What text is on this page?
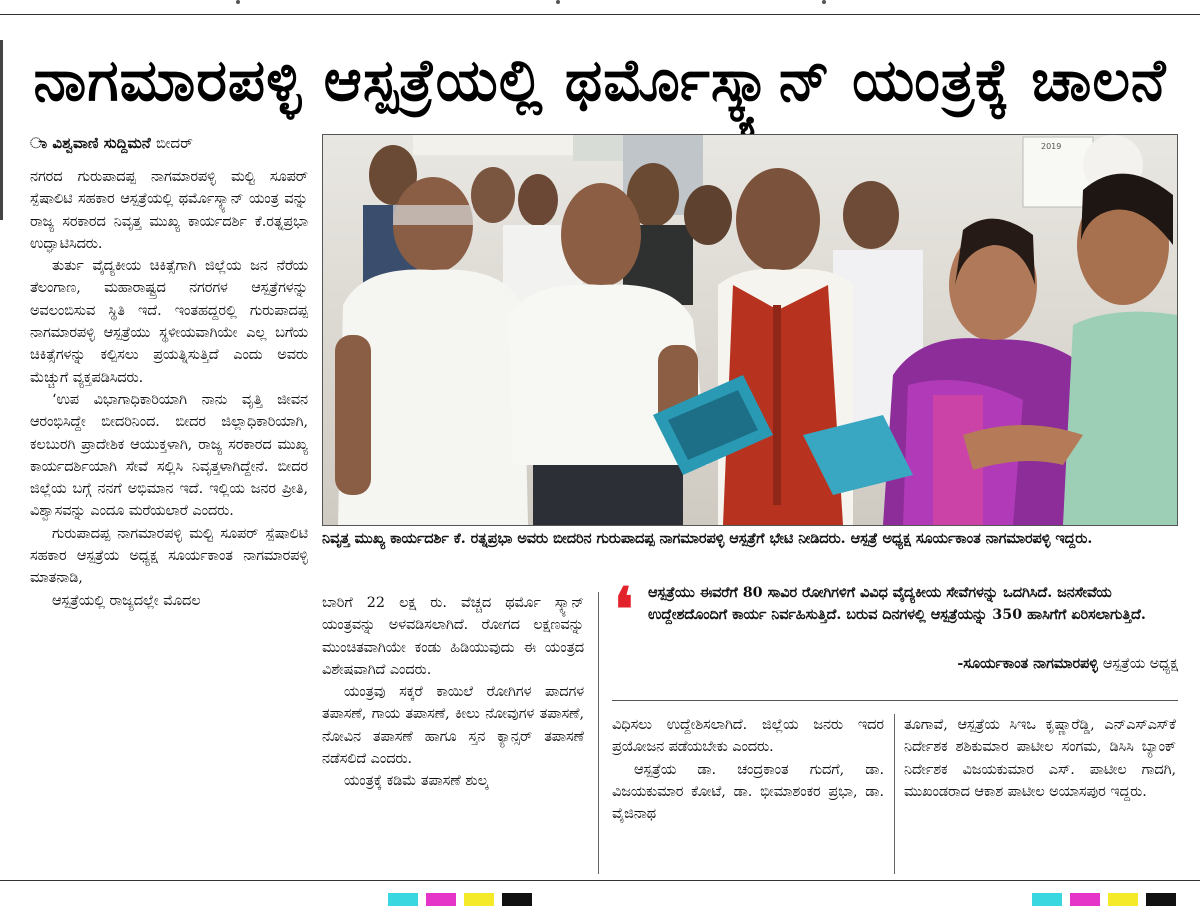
ನಾಗಮಾರಪಳ್ಳಿ ಆಸ್ಪತ್ರೆಯಲ್ಲಿ ಥರ್ಮೊಸ್ಕ್ಯಾನ್ ಯಂತ್ರಕ್ಕೆ ಚಾಲನೆ
ಾ ವಿಶ್ವವಾಣಿ ಸುದ್ದಿಮನೆ ಬೀದರ್

ನಗರದ ಗುರುಪಾದಪ್ಪ ನಾಗಮಾರಪಳ್ಳಿ ಮಲ್ಟಿ ಸೂಪರ್ ಸ್ಪೆಷಾಲಿಟಿ ಸಹಕಾರ ಆಸ್ಪತ್ರೆಯಲ್ಲಿ ಥರ್ಮೊಸ್ಕ್ಯಾನ್ ಯಂತ್ರ ವನ್ನು ರಾಜ್ಯ ಸರಕಾರದ ನಿವೃತ್ತ ಮುಖ್ಯ ಕಾರ್ಯದರ್ಶಿ ಕೆ.ರತ್ನಪ್ರಭಾ ಉದ್ಘಾಟಿಸಿದರು.

ತುರ್ತು ವೈದ್ಯಕೀಯ ಚಿಕಿತ್ಸೆಗಾಗಿ ಜಿಲ್ಲೆಯ ಜನ ನೆರೆಯ ತೆಲಂಗಾಣ, ಮಹಾರಾಷ್ಟ್ರದ ನಗರಗಳ ಆಸ್ಪತ್ರೆಗಳನ್ನು ಅವಲಂಬಿಸುವ ಸ್ಥಿತಿ ಇದೆ. ಇಂತಹದ್ದರಲ್ಲಿ ಗುರುಪಾದಪ್ಪ ನಾಗಮಾರಪಳ್ಳಿ ಆಸ್ಪತ್ರೆಯು ಸ್ಥಳೀಯವಾಗಿಯೇ ಎಲ್ಲ ಬಗೆಯ ಚಿಕಿತ್ಸೆಗಳನ್ನು ಕಲ್ಪಿಸಲು ಪ್ರಯತ್ನಿಸುತ್ತಿದೆ ಎಂದು ಅವರು ಮೆಚ್ಚುಗೆ ವ್ಯಕ್ತಪಡಿಸಿದರು.

‘ಉಪ ವಿಭಾಗಾಧಿಕಾರಿಯಾಗಿ ನಾನು ವೃತ್ತಿ ಜೀವನ ಆರಂಭಿಸಿದ್ದೇ ಬೀದರಿನಿಂದ. ಬೀದರ ಜಿಲ್ಲಾಧಿಕಾರಿಯಾಗಿ, ಕಲಬುರಗಿ ಪ್ರಾದೇಶಿಕ ಆಯುಕ್ತಳಾಗಿ, ರಾಜ್ಯ ಸರಕಾರದ ಮುಖ್ಯ ಕಾರ್ಯದರ್ಶಿಯಾಗಿ ಸೇವೆ ಸಲ್ಲಿಸಿ ನಿವೃತ್ತಳಾಗಿದ್ದೇನೆ. ಬೀದರ ಜಿಲ್ಲೆಯ ಬಗ್ಗೆ ನನಗೆ ಅಭಿಮಾನ ಇದೆ. ಇಲ್ಲಿಯ ಜನರ ಪ್ರೀತಿ, ವಿಶ್ವಾಸವನ್ನು ಎಂದೂ ಮರೆಯಲಾರೆ ಎಂದರು.

ಗುರುಪಾದಪ್ಪ ನಾಗಮಾರಪಳ್ಳಿ ಮಲ್ಟಿ ಸೂಪರ್ ಸ್ಪೆಷಾಲಿಟಿ ಸಹಕಾರ ಆಸ್ಪತ್ರೆಯ ಅಧ್ಯಕ್ಷ ಸೂರ್ಯಕಾಂತ ನಾಗಮಾರಪಳ್ಳಿ ಮಾತನಾಡಿ,

ಆಸ್ಪತ್ರೆಯಲ್ಲಿ ರಾಜ್ಯದಲ್ಲೇ ಮೊದಲ

2019
ನಿವೃತ್ತ ಮುಖ್ಯ ಕಾರ್ಯದರ್ಶಿ ಕೆ. ರತ್ನಪ್ರಭಾ ಅವರು ಬೀದರಿನ ಗುರುಪಾದಪ್ಪ ನಾಗಮಾರಪಳ್ಳಿ ಆಸ್ಪತ್ರೆಗೆ ಭೇಟಿ ನೀಡಿದರು. ಆಸ್ಪತ್ರೆ ಅಧ್ಯಕ್ಷ ಸೂರ್ಯಕಾಂತ ನಾಗಮಾರಪಳ್ಳಿ ಇದ್ದರು.

ಬಾರಿಗೆ 22 ಲಕ್ಷ ರು. ವೆಚ್ಚದ ಥರ್ಮೊ ಸ್ಕ್ಯಾನ್ ಯಂತ್ರವನ್ನು ಅಳವಡಿಸಲಾಗಿದೆ. ರೋಗದ ಲಕ್ಷಣವನ್ನು ಮುಂಚಿತವಾಗಿಯೇ ಕಂಡು ಹಿಡಿಯುವುದು ಈ ಯಂತ್ರದ ವಿಶೇಷವಾಗಿದೆ ಎಂದರು.

ಯಂತ್ರವು ಸಕ್ಕರೆ ಕಾಯಿಲೆ ರೋಗಿಗಳ ಪಾದಗಳ ತಪಾಸಣೆ, ಗಾಯ ತಪಾಸಣೆ, ಕೀಲು ನೋವುಗಳ ತಪಾಸಣೆ, ನೋವಿನ ತಪಾಸಣೆ ಹಾಗೂ ಸ್ತನ ಕ್ಯಾನ್ಸರ್ ತಪಾಸಣೆ ನಡೆಸಲಿದೆ ಎಂದರು.

ಯಂತ್ರಕ್ಕೆ ಕಡಿಮೆ ತಪಾಸಣೆ ಶುಲ್ಕ

❛	ಆಸ್ಪತ್ರೆಯು ಈವರೆಗೆ 80 ಸಾವಿರ ರೋಗಿಗಳಿಗೆ ವಿವಿಧ ವೈದ್ಯಕೀಯ ಸೇವೆಗಳನ್ನು ಒದಗಿಸಿದೆ. ಜನಸೇವೆಯ ಉದ್ದೇಶದೊಂದಿಗೆ ಕಾರ್ಯ ನಿರ್ವಹಿಸುತ್ತಿದೆ. ಬರುವ ದಿನಗಳಲ್ಲಿ ಆಸ್ಪತ್ರೆಯನ್ನು 350 ಹಾಸಿಗೆಗೆ ಏರಿಸಲಾಗುತ್ತಿದೆ.
-ಸೂರ್ಯಕಾಂತ ನಾಗಮಾರಪಳ್ಳಿ ಆಸ್ಪತ್ರೆಯ ಅಧ್ಯಕ್ಷ

ವಿಧಿಸಲು ಉದ್ದೇಶಿಸಲಾಗಿದೆ. ಜಿಲ್ಲೆಯ ಜನರು ಇದರ ಪ್ರಯೋಜನ ಪಡೆಯಬೇಕು ಎಂದರು.

ಆಸ್ಪತ್ರೆಯ ಡಾ. ಚಂದ್ರಕಾಂತ ಗುದಗೆ, ಡಾ. ವಿಜಯಕುಮಾರ ಕೋಟೆ, ಡಾ. ಭೀಮಾಶಂಕರ ಪ್ರಭಾ, ಡಾ. ವೈಜಿನಾಥ

ತೂಗಾವೆ, ಆಸ್ಪತ್ರೆಯ ಸಿಇಒ ಕೃಷ್ಣಾರೆಡ್ಡಿ, ಎನ್‌ಎಸ್‌ಎಸ್‌ಕೆ ನಿರ್ದೇಶಕ ಶಶಿಕುಮಾರ ಪಾಟೀಲ ಸಂಗಮ, ಡಿಸಿಸಿ ಬ್ಯಾಂಕ್ ನಿರ್ದೇಶಕ ವಿಜಯಕುಮಾರ ಎಸ್. ಪಾಟೀಲ ಗಾದಗಿ, ಮುಖಂಡರಾದ ಆಕಾಶ ಪಾಟೀಲ ಅಯಾಸಪುರ ಇದ್ದರು.
